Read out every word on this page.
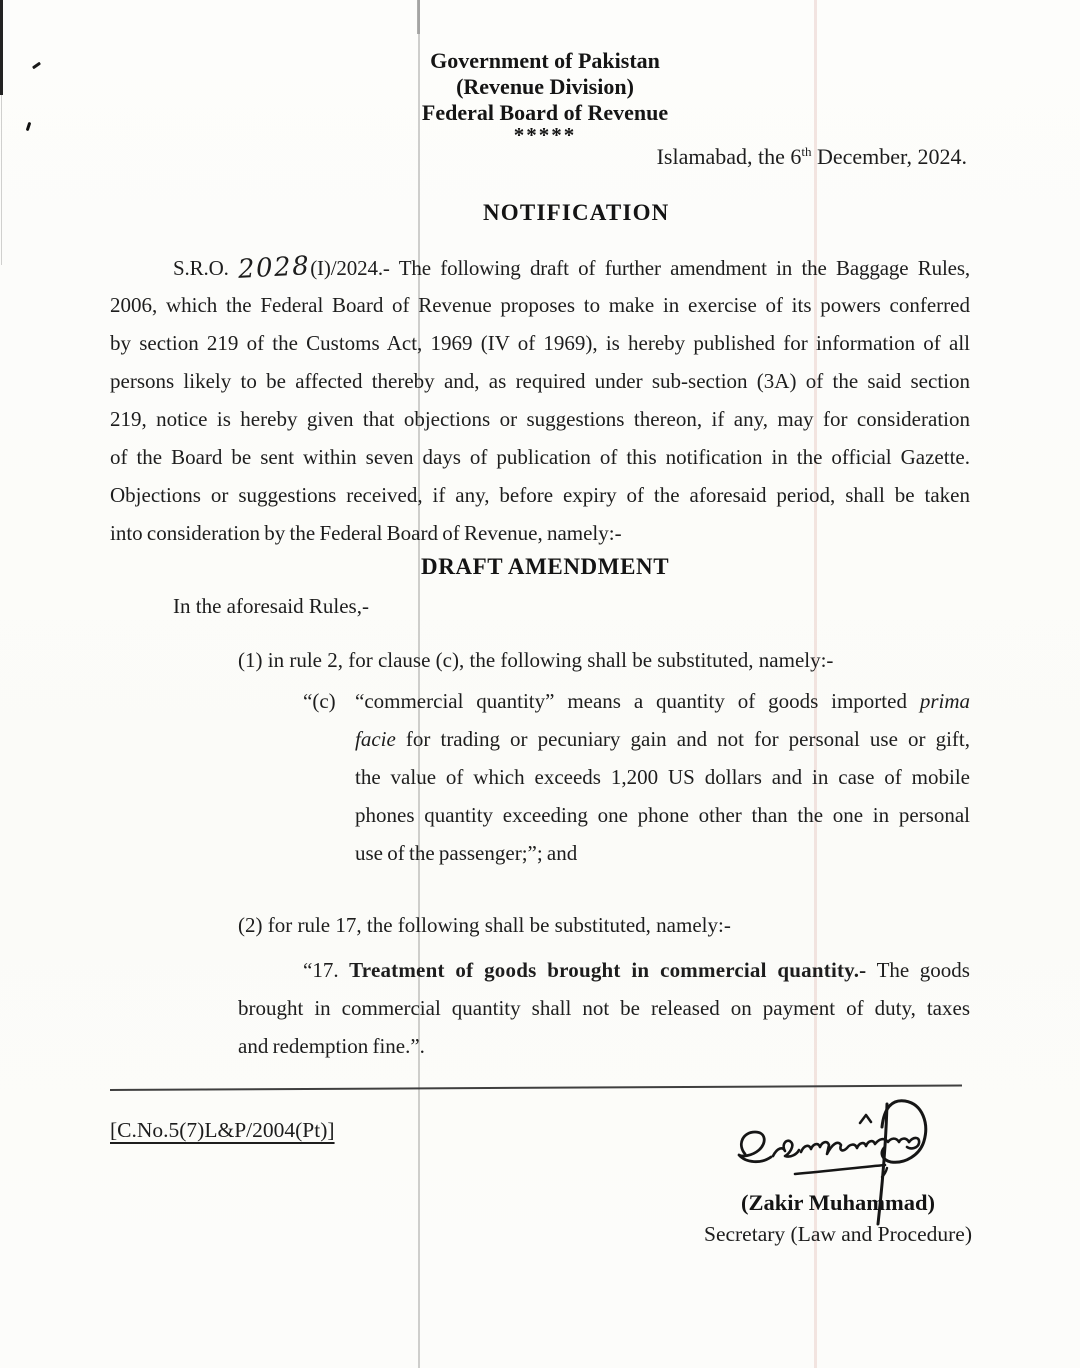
Government of Pakistan
(Revenue Division)
Federal Board of Revenue
*****
Islamabad, the 6th December, 2024.
NOTIFICATION
S.R.O. 2028(I)/2024.- The following draft of further amendment in the Baggage Rules,
2006, which the Federal Board of Revenue proposes to make in exercise of its powers conferred
by section 219 of the Customs Act, 1969 (IV of 1969), is hereby published for information of all
persons likely to be affected thereby and, as required under sub-section (3A) of the said section
219, notice is hereby given that objections or suggestions thereon, if any, may for consideration
of the Board be sent within seven days of publication of this notification in the official Gazette.
Objections or suggestions received, if any, before expiry of the aforesaid period, shall be taken
into consideration by the Federal Board of Revenue, namely:-
DRAFT AMENDMENT
In the aforesaid Rules,-
(1) in rule 2, for clause (c), the following shall be substituted, namely:-
“(c) “commercial quantity” means a quantity of goods imported prima
facie for trading or pecuniary gain and not for personal use or gift,
the value of which exceeds 1,200 US dollars and in case of mobile
phones quantity exceeding one phone other than the one in personal
use of the passenger;”; and
(2) for rule 17, the following shall be substituted, namely:-
“17. Treatment of goods brought in commercial quantity.- The goods
brought in commercial quantity shall not be released on payment of duty, taxes
and redemption fine.”.
[C.No.5(7)L&P/2004(Pt)]
(Zakir Muhammad)
Secretary (Law and Procedure)
